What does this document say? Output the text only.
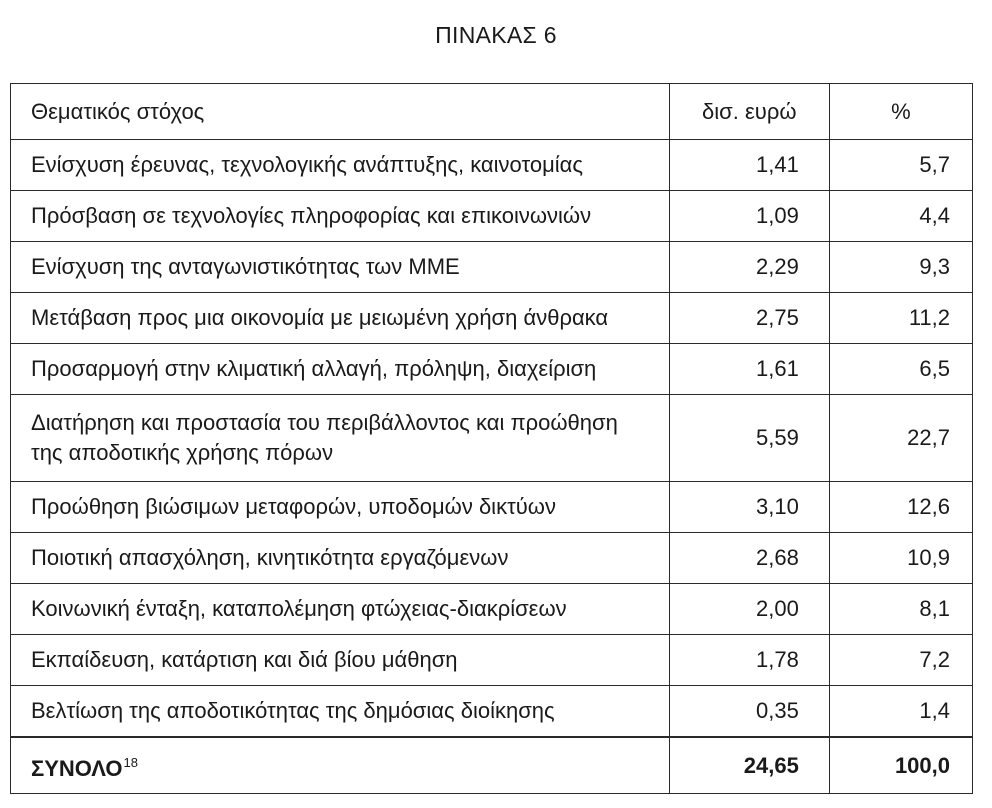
ΠΙΝΑΚΑΣ 6
Θεματικός στόχος	δισ. ευρώ	%
Ενίσχυση έρευνας, τεχνολογικής ανάπτυξης, καινοτομίας	1,41	5,7
Πρόσβαση σε τεχνολογίες πληροφορίας και επικοινωνιών	1,09	4,4
Ενίσχυση της ανταγωνιστικότητας των ΜΜΕ	2,29	9,3
Μετάβαση προς μια οικονομία με μειωμένη χρήση άνθρακα	2,75	11,2
Προσαρμογή στην κλιματική αλλαγή, πρόληψη, διαχείριση	1,61	6,5

Διατήρηση και προστασία του περιβάλλοντος και προώθηση
της αποδοτικής χρήσης πόρων	5,59	22,7
Προώθηση βιώσιμων μεταφορών, υποδομών δικτύων	3,10	12,6
Ποιοτική απασχόληση, κινητικότητα εργαζόμενων	2,68	10,9
Κοινωνική ένταξη, καταπολέμηση φτώχειας-διακρίσεων	2,00	8,1
Εκπαίδευση, κατάρτιση και διά βίου μάθηση	1,78	7,2
Βελτίωση της αποδοτικότητας της δημόσιας διοίκησης	0,35	1,4
ΣΥΝΟΛΟ$^{18}$	24,65	100,0
